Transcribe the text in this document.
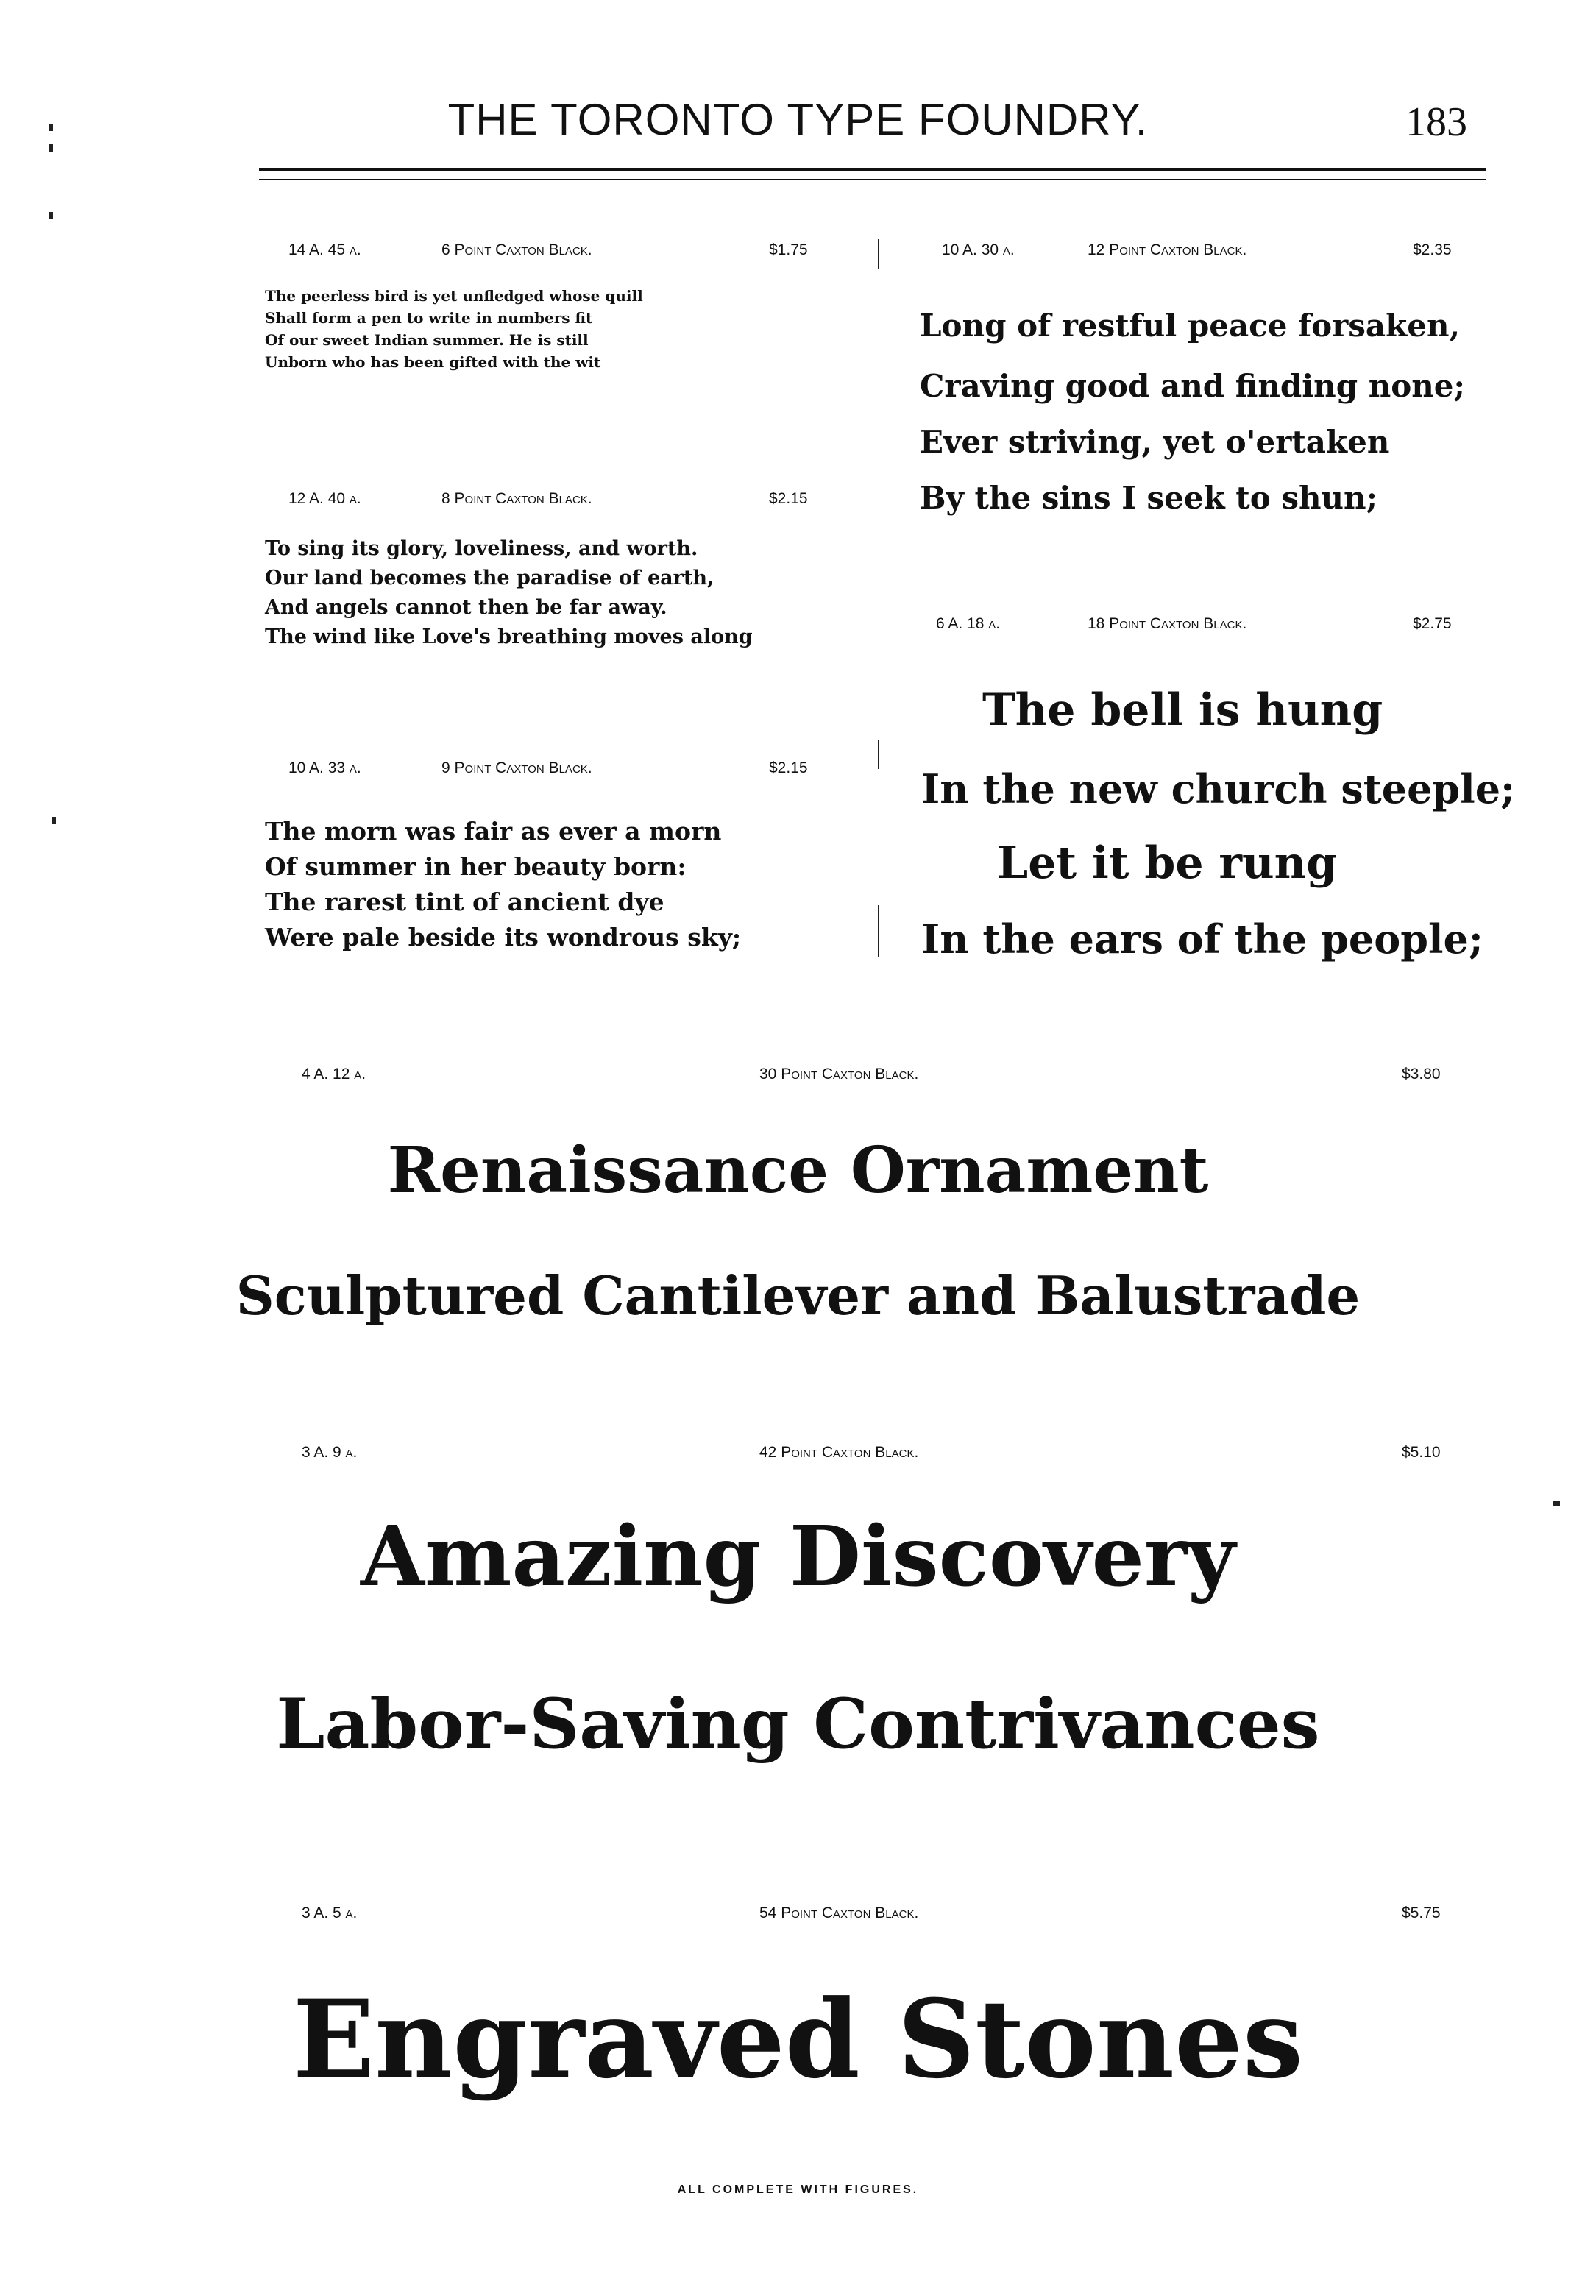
THE TORONTO TYPE FOUNDRY.	183
14 A. 45 a.	6 Point Caxton Black.	$1.75
The peerless bird is yet unfledged whose quill
Shall form a pen to write in numbers fit
Of our sweet Indian summer. He is still
Unborn who has been gifted with the wit
12 A. 40 a.	8 Point Caxton Black.	$2.15
To sing its glory, loveliness, and worth.
Our land becomes the paradise of earth,
And angels cannot then be far away.
The wind like Love's breathing moves along
10 A. 33 a.	9 Point Caxton Black.	$2.15
The morn was fair as ever a morn
Of summer in her beauty born:
The rarest tint of ancient dye
Were pale beside its wondrous sky;
10 A. 30 a.	12 Point Caxton Black.	$2.35
Long of restful peace forsaken,
Craving good and finding none;
Ever striving, yet o'ertaken
By the sins I seek to shun;
6 A. 18 a.	18 Point Caxton Black.	$2.75
The bell is hung
In the new church steeple;
Let it be rung
In the ears of the people;
4 A. 12 a.	30 Point Caxton Black.	$3.80
Renaissance Ornament
Sculptured Cantilever and Balustrade
3 A. 9 a.	42 Point Caxton Black.	$5.10
Amazing Discovery
Labor-Saving Contrivances
3 A. 5 a.	54 Point Caxton Black.	$5.75
Engraved Stones
ALL COMPLETE WITH FIGURES.
